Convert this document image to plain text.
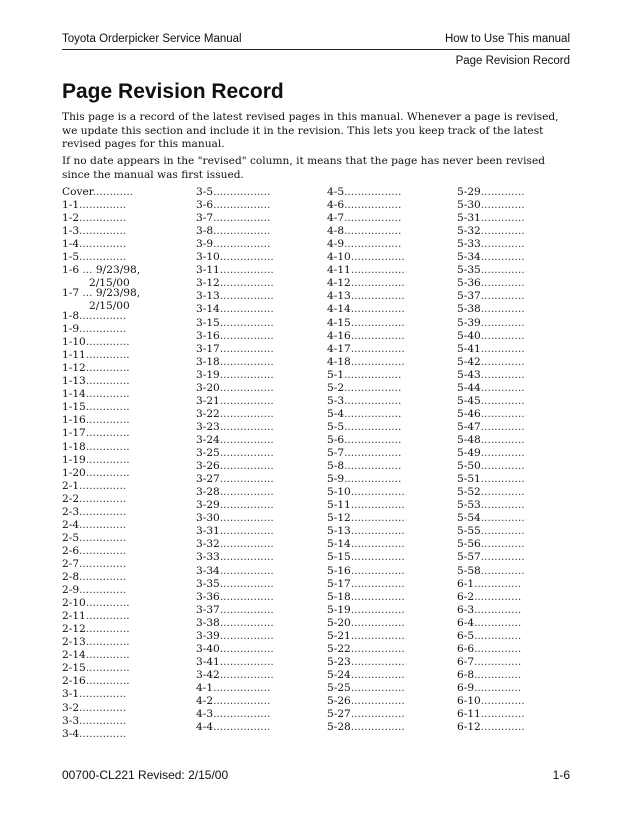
Toyota Orderpicker Service Manual	How to Use This manual
Page Revision Record
Page Revision Record

This page is a record of the latest revised pages in this manual. Whenever a page is revised, we update this section and include it in the revision. This lets you keep track of the latest revised pages for this manual.

If no date appears in the "revised" column, it means that the page has never been revised since the manual was first issued.

Cover............
1-1..............
1-2..............
1-3..............
1-4..............
1-5..............
1-6 ... 9/23/98,
2/15/00
1-7 ... 9/23/98,
2/15/00
1-8..............
1-9..............
1-10.............
1-11.............
1-12.............
1-13.............
1-14.............
1-15.............
1-16.............
1-17.............
1-18.............
1-19.............
1-20.............
2-1..............
2-2..............
2-3..............
2-4..............
2-5..............
2-6..............
2-7..............
2-8..............
2-9..............
2-10.............
2-11.............
2-12.............
2-13.............
2-14.............
2-15.............
2-16.............
3-1..............
3-2..............
3-3..............
3-4..............
3-5.................
3-6.................
3-7.................
3-8.................
3-9.................
3-10................
3-11................
3-12................
3-13................
3-14................
3-15................
3-16................
3-17................
3-18................
3-19................
3-20................
3-21................
3-22................
3-23................
3-24................
3-25................
3-26................
3-27................
3-28................
3-29................
3-30................
3-31................
3-32................
3-33................
3-34................
3-35................
3-36................
3-37................
3-38................
3-39................
3-40................
3-41................
3-42................
4-1.................
4-2.................
4-3.................
4-4.................
4-5.................
4-6.................
4-7.................
4-8.................
4-9.................
4-10................
4-11................
4-12................
4-13................
4-14................
4-15................
4-16................
4-17................
4-18................
5-1.................
5-2.................
5-3.................
5-4.................
5-5.................
5-6.................
5-7.................
5-8.................
5-9.................
5-10................
5-11................
5-12................
5-13................
5-14................
5-15................
5-16................
5-17................
5-18................
5-19................
5-20................
5-21................
5-22................
5-23................
5-24................
5-25................
5-26................
5-27................
5-28................
5-29.............
5-30.............
5-31.............
5-32.............
5-33.............
5-34.............
5-35.............
5-36.............
5-37.............
5-38.............
5-39.............
5-40.............
5-41.............
5-42.............
5-43.............
5-44.............
5-45.............
5-46.............
5-47.............
5-48.............
5-49.............
5-50.............
5-51.............
5-52.............
5-53.............
5-54.............
5-55.............
5-56.............
5-57.............
5-58.............
6-1..............
6-2..............
6-3..............
6-4..............
6-5..............
6-6..............
6-7..............
6-8..............
6-9..............
6-10.............
6-11.............
6-12.............
00700-CL221 Revised: 2/15/00	1-6
